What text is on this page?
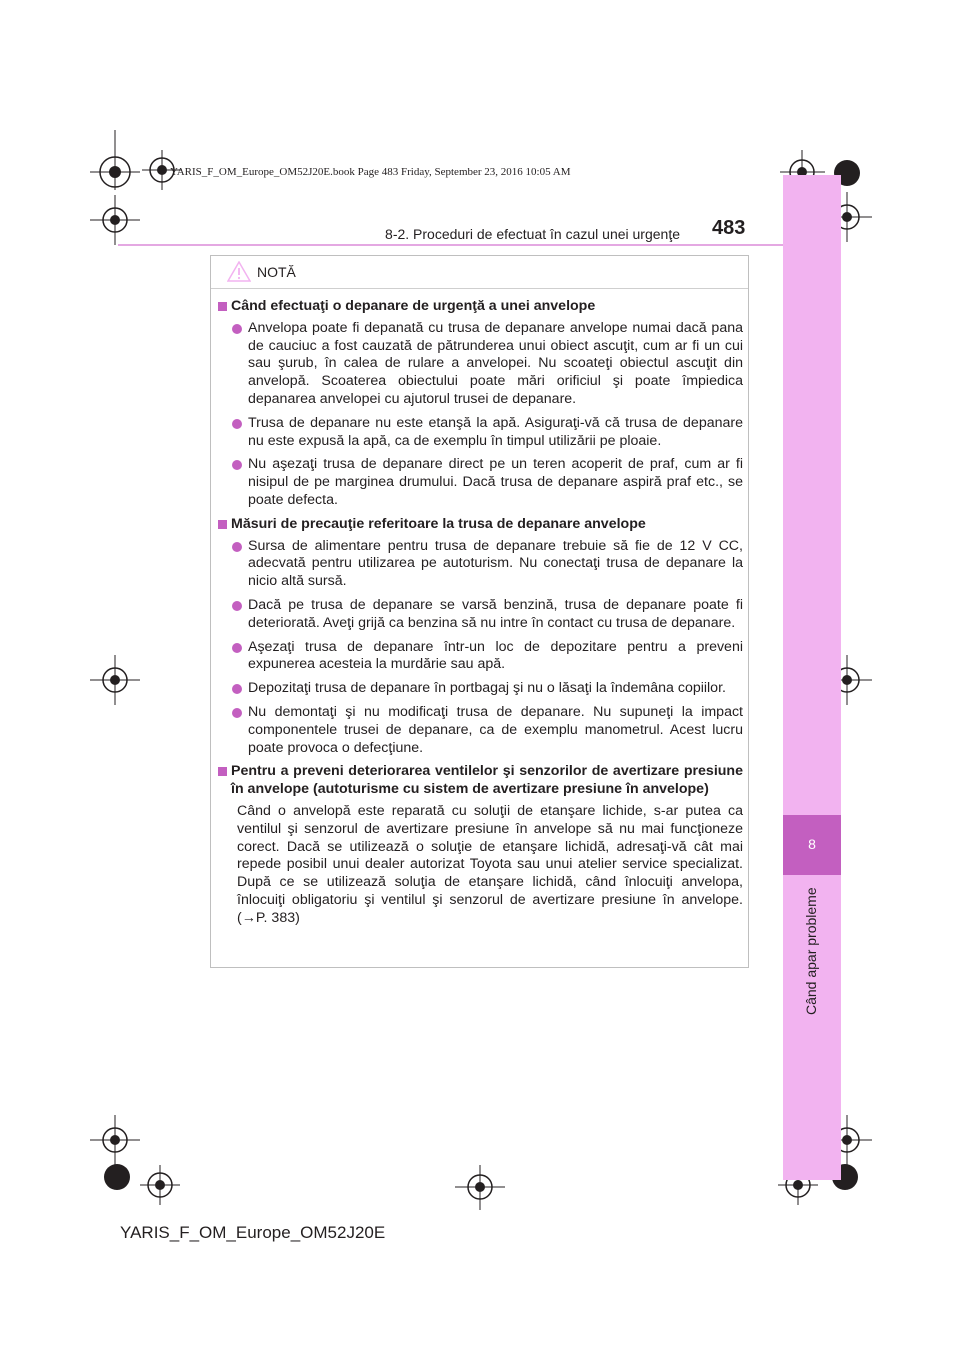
YARIS_F_OM_Europe_OM52J20E.book Page 483 Friday, September 23, 2016 10:05 AM
8
Când apar probleme
8-2. Proceduri de efectuat în cazul unei urgenţe 483
NOTĂ
Când efectuaţi o depanare de urgenţă a unei anvelope
Anvelopa poate fi depanată cu trusa de depanare anvelope numai dacă pana de cauciuc a fost cauzată de pătrunderea unui obiect ascuţit, cum ar fi un cui sau şurub, în calea de rulare a anvelopei. Nu scoateţi obiectul ascuţit din anvelopă. Scoaterea obiectului poate mări orificiul şi poate împiedica depanarea anvelopei cu ajutorul trusei de depanare.
Trusa de depanare nu este etanşă la apă. Asiguraţi-vă că trusa de depanare nu este expusă la apă, ca de exemplu în timpul utilizării pe ploaie.
Nu aşezaţi trusa de depanare direct pe un teren acoperit de praf, cum ar fi nisipul de pe marginea drumului. Dacă trusa de depanare aspiră praf etc., se poate defecta.
Măsuri de precauţie referitoare la trusa de depanare anvelope
Sursa de alimentare pentru trusa de depanare trebuie să fie de 12 V CC, adecvată pentru utilizarea pe autoturism. Nu conectaţi trusa de depanare la nicio altă sursă.
Dacă pe trusa de depanare se varsă benzină, trusa de depanare poate fi deteriorată. Aveţi grijă ca benzina să nu intre în contact cu trusa de depanare.
Aşezaţi trusa de depanare într-un loc de depozitare pentru a preveni expunerea acesteia la murdărie sau apă.
Depozitaţi trusa de depanare în portbagaj şi nu o lăsaţi la îndemâna copiilor.
Nu demontaţi şi nu modificaţi trusa de depanare. Nu supuneţi la impact componentele trusei de depanare, ca de exemplu manometrul. Acest lucru poate provoca o defecţiune.
Pentru a preveni deteriorarea ventilelor şi senzorilor de avertizare presiune în anvelope (autoturisme cu sistem de avertizare presiune în anvelope)
Când o anvelopă este reparată cu soluţii de etanşare lichide, s-ar putea ca ventilul şi senzorul de avertizare presiune în anvelope să nu mai funcţioneze corect. Dacă se utilizează o soluţie de etanşare lichidă, adresaţi-vă cât mai repede posibil unui dealer autorizat Toyota sau unui atelier service specializat. După ce se utilizează soluţia de etanşare lichidă, când înlocuiţi anvelopa, înlocuiţi obligatoriu şi ventilul şi senzorul de avertizare presiune în anvelope. (→P. 383)
YARIS_F_OM_Europe_OM52J20E
